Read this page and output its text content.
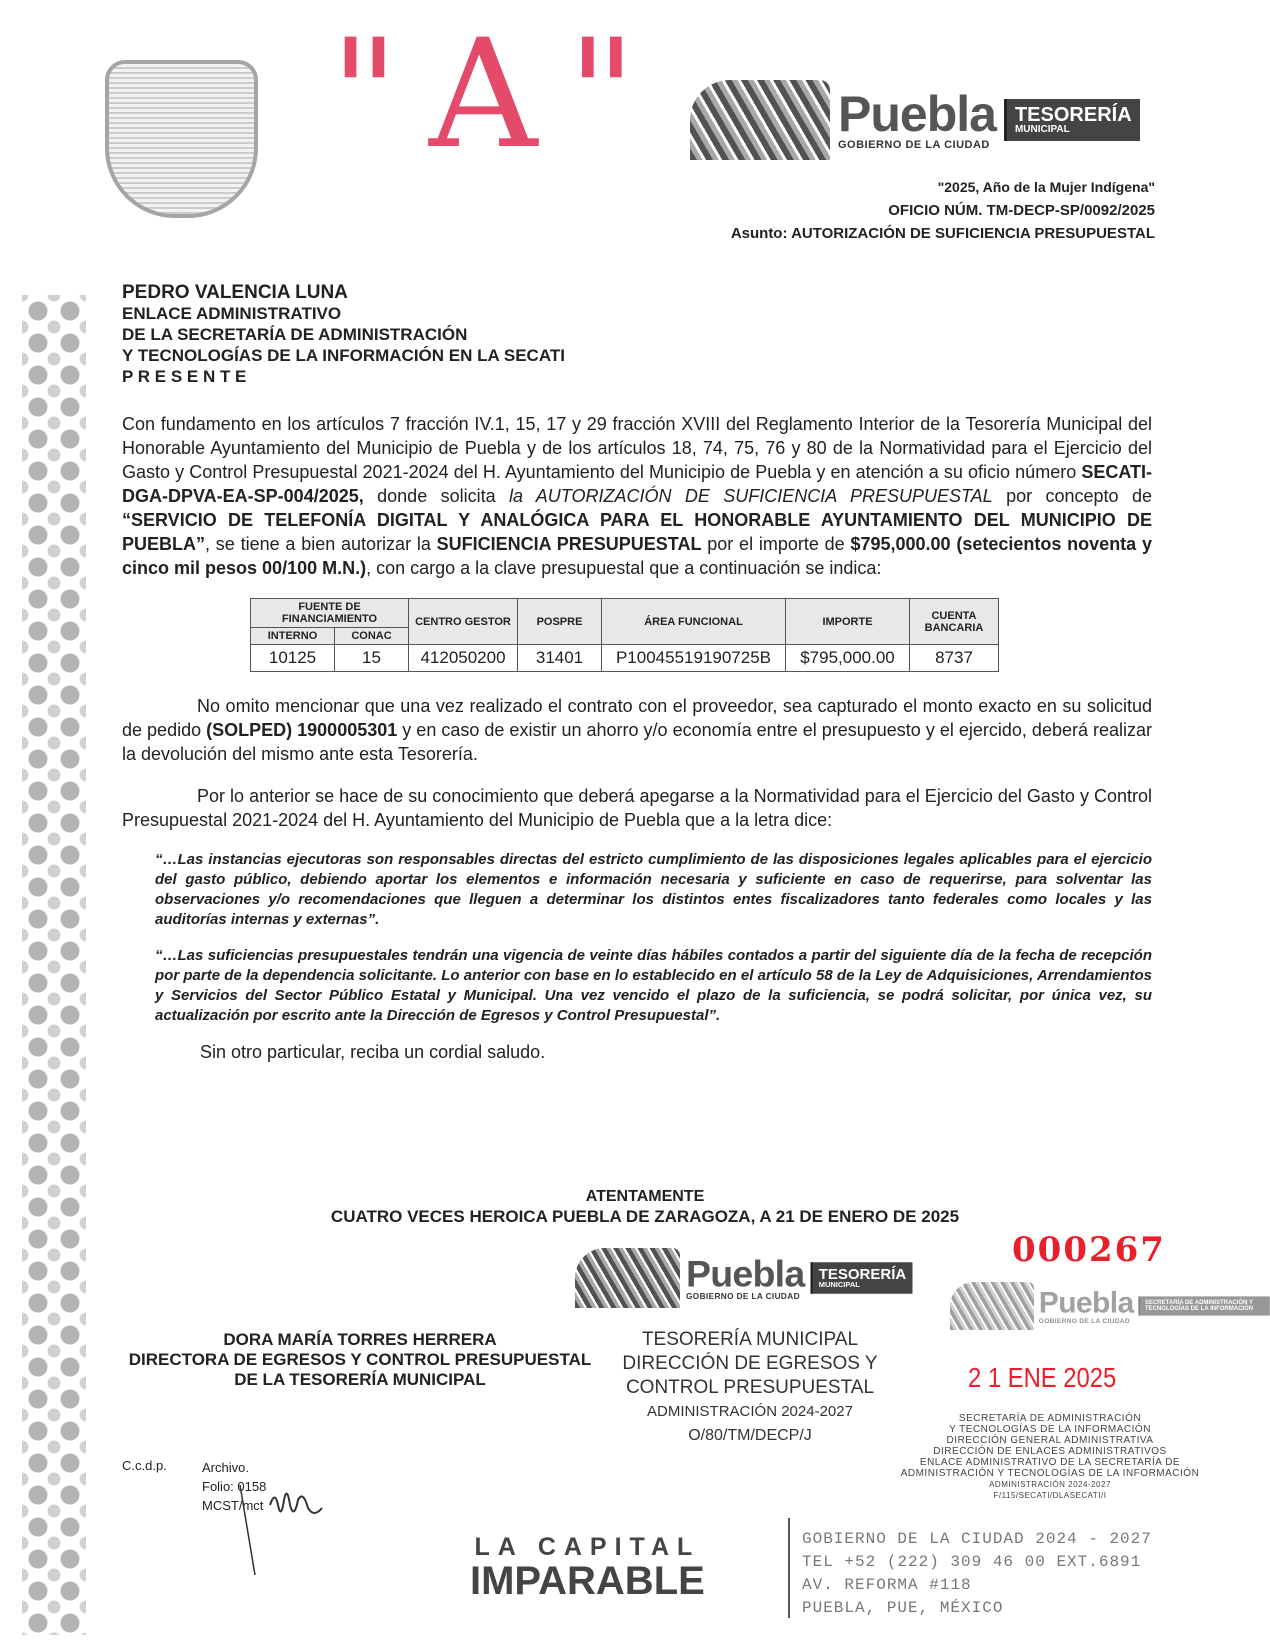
"A"	Puebla
GOBIERNO DE LA CIUDAD
TESORERÍA
MUNICIPAL
"2025, Año de la Mujer Indígena"
OFICIO NÚM. TM-DECP-SP/0092/2025
Asunto: AUTORIZACIÓN DE SUFICIENCIA PRESUPUESTAL
PEDRO VALENCIA LUNA
ENLACE ADMINISTRATIVO
DE LA SECRETARÍA DE ADMINISTRACIÓN
Y TECNOLOGÍAS DE LA INFORMACIÓN EN LA SECATI
P R E S E N T E
Con fundamento en los artículos 7 fracción IV.1, 15, 17 y 29 fracción XVIII del Reglamento Interior de la Tesorería Municipal del Honorable Ayuntamiento del Municipio de Puebla y de los artículos 18, 74, 75, 76 y 80 de la Normatividad para el Ejercicio del Gasto y Control Presupuestal 2021-2024 del H. Ayuntamiento del Municipio de Puebla y en atención a su oficio número SECATI-DGA-DPVA-EA-SP-004/2025, donde solicita la AUTORIZACIÓN DE SUFICIENCIA PRESUPUESTAL por concepto de “SERVICIO DE TELEFONÍA DIGITAL Y ANALÓGICA PARA EL HONORABLE AYUNTAMIENTO DEL MUNICIPIO DE PUEBLA”, se tiene a bien autorizar la SUFICIENCIA PRESUPUESTAL por el importe de $795,000.00 (setecientos noventa y cinco mil pesos 00/100 M.N.), con cargo a la clave presupuestal que a continuación se indica:
FUENTE DE FINANCIAMIENTO		CENTRO GESTOR	POSPRE	ÁREA FUNCIONAL	IMPORTE	CUENTA BANCARIA
INTERNO	CONAC					
10125	15	412050200	31401	P10045519190725B	$795,000.00	8737
No omito mencionar que una vez realizado el contrato con el proveedor, sea capturado el monto exacto en su solicitud de pedido (SOLPED) 1900005301 y en caso de existir un ahorro y/o economía entre el presupuesto y el ejercido, deberá realizar la devolución del mismo ante esta Tesorería.
Por lo anterior se hace de su conocimiento que deberá apegarse a la Normatividad para el Ejercicio del Gasto y Control Presupuestal 2021-2024 del H. Ayuntamiento del Municipio de Puebla que a la letra dice:
“…Las instancias ejecutoras son responsables directas del estricto cumplimiento de las disposiciones legales aplicables para el ejercicio del gasto público, debiendo aportar los elementos e información necesaria y suficiente en caso de requerirse, para solventar las observaciones y/o recomendaciones que lleguen a determinar los distintos entes fiscalizadores tanto federales como locales y las auditorías internas y externas”.
“…Las suficiencias presupuestales tendrán una vigencia de veinte días hábiles contados a partir del siguiente día de la fecha de recepción por parte de la dependencia solicitante. Lo anterior con base en lo establecido en el artículo 58 de la Ley de Adquisiciones, Arrendamientos y Servicios del Sector Público Estatal y Municipal. Una vez vencido el plazo de la suficiencia, se podrá solicitar, por única vez, su actualización por escrito ante la Dirección de Egresos y Control Presupuestal”.
Sin otro particular, reciba un cordial saludo.
ATENTAMENTE
CUATRO VECES HEROICA PUEBLA DE ZARAGOZA, A 21 DE ENERO DE 2025
Puebla
GOBIERNO DE LA CIUDAD
TESORERÍA
MUNICIPAL
TESORERÍA MUNICIPAL
DIRECCIÓN DE EGRESOS Y
CONTROL PRESUPUESTAL
ADMINISTRACIÓN 2024-2027
O/80/TM/DECP/J
DORA MARÍA TORRES HERRERA
DIRECTORA DE EGRESOS Y CONTROL PRESUPUESTAL
DE LA TESORERÍA MUNICIPAL
000267
Puebla
GOBIERNO DE LA CIUDAD
SECRETARÍA DE ADMINISTRACIÓN Y TECNOLOGÍAS DE LA INFORMACIÓN
2 1 ENE 2025
SECRETARÍA DE ADMINISTRACIÓN
Y TECNOLOGÍAS DE LA INFORMACIÓN
DIRECCIÓN GENERAL ADMINISTRATIVA
DIRECCIÓN DE ENLACES ADMINISTRATIVOS
ENLACE ADMINISTRATIVO DE LA SECRETARÍA DE
ADMINISTRACIÓN Y TECNOLOGÍAS DE LA INFORMACIÓN
ADMINISTRACIÓN 2024-2027
F/115/SECATI/DLASECATI/I
C.c.d.p.	Archivo.
Folio: 0158
MCST/mct
LA CAPITAL
IMPARABLE
GOBIERNO DE LA CIUDAD 2024 - 2027
TEL +52 (222) 309 46 00 EXT.6891
AV. REFORMA #118
PUEBLA, PUE, MÉXICO
